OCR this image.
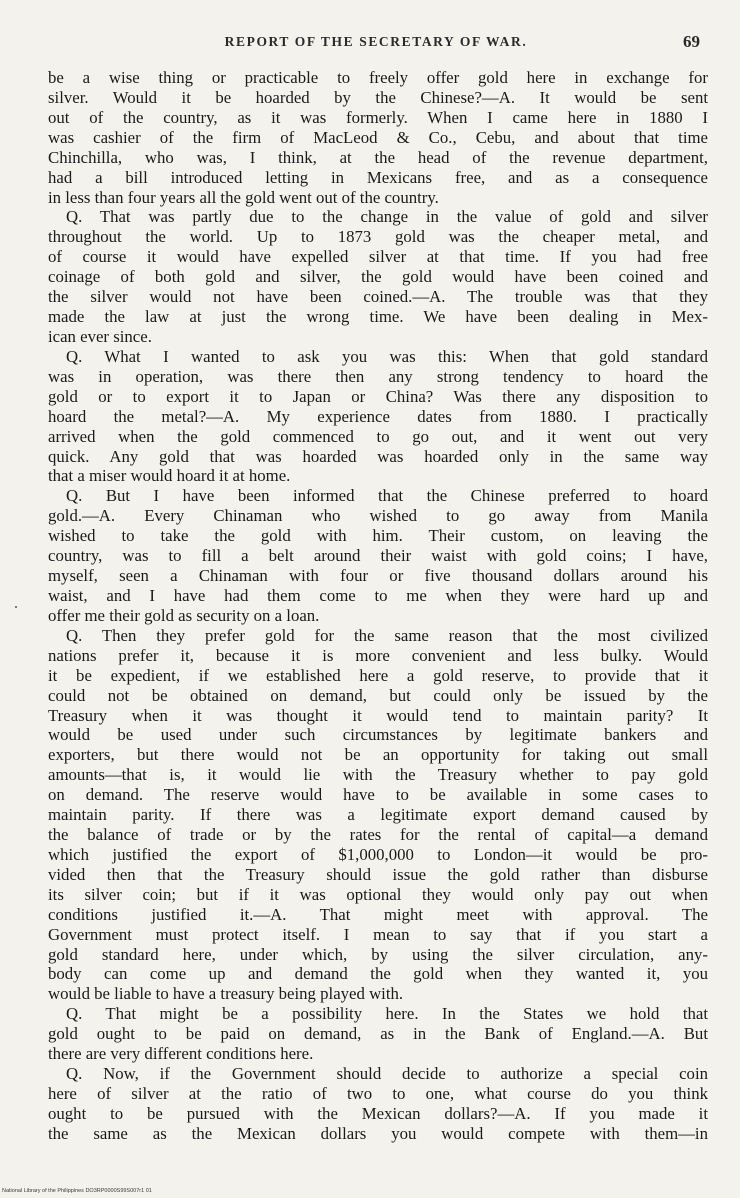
REPORT OF THE SECRETARY OF WAR.	69
be a wise thing or practicable to freely offer gold here in exchange for
silver. Would it be hoarded by the Chinese?—A. It would be sent
out of the country, as it was formerly. When I came here in 1880 I
was cashier of the firm of MacLeod & Co., Cebu, and about that time
Chinchilla, who was, I think, at the head of the revenue department,
had a bill introduced letting in Mexicans free, and as a consequence
in less than four years all the gold went out of the country.
Q. That was partly due to the change in the value of gold and silver
throughout the world. Up to 1873 gold was the cheaper metal, and
of course it would have expelled silver at that time. If you had free
coinage of both gold and silver, the gold would have been coined and
the silver would not have been coined.—A. The trouble was that they
made the law at just the wrong time. We have been dealing in Mex-
ican ever since.
Q. What I wanted to ask you was this: When that gold standard
was in operation, was there then any strong tendency to hoard the
gold or to export it to Japan or China? Was there any disposition to
hoard the metal?—A. My experience dates from 1880. I practically
arrived when the gold commenced to go out, and it went out very
quick. Any gold that was hoarded was hoarded only in the same way
that a miser would hoard it at home.
Q. But I have been informed that the Chinese preferred to hoard
gold.—A. Every Chinaman who wished to go away from Manila
wished to take the gold with him. Their custom, on leaving the
country, was to fill a belt around their waist with gold coins; I have,
myself, seen a Chinaman with four or five thousand dollars around his
waist, and I have had them come to me when they were hard up and
offer me their gold as security on a loan.
Q. Then they prefer gold for the same reason that the most civilized
nations prefer it, because it is more convenient and less bulky. Would
it be expedient, if we established here a gold reserve, to provide that it
could not be obtained on demand, but could only be issued by the
Treasury when it was thought it would tend to maintain parity? It
would be used under such circumstances by legitimate bankers and
exporters, but there would not be an opportunity for taking out small
amounts—that is, it would lie with the Treasury whether to pay gold
on demand. The reserve would have to be available in some cases to
maintain parity. If there was a legitimate export demand caused by
the balance of trade or by the rates for the rental of capital—a demand
which justified the export of $1,000,000 to London—it would be pro-
vided then that the Treasury should issue the gold rather than disburse
its silver coin; but if it was optional they would only pay out when
conditions justified it.—A. That might meet with approval. The
Government must protect itself. I mean to say that if you start a
gold standard here, under which, by using the silver circulation, any-
body can come up and demand the gold when they wanted it, you
would be liable to have a treasury being played with.
Q. That might be a possibility here. In the States we hold that
gold ought to be paid on demand, as in the Bank of England.—A. But
there are very different conditions here.
Q. Now, if the Government should decide to authorize a special coin
here of silver at the ratio of two to one, what course do you think
ought to be pursued with the Mexican dollars?—A. If you made it
the same as the Mexican dollars you would compete with them—in
National Library of the Philippines DO3RP0000S99S007r1 01
